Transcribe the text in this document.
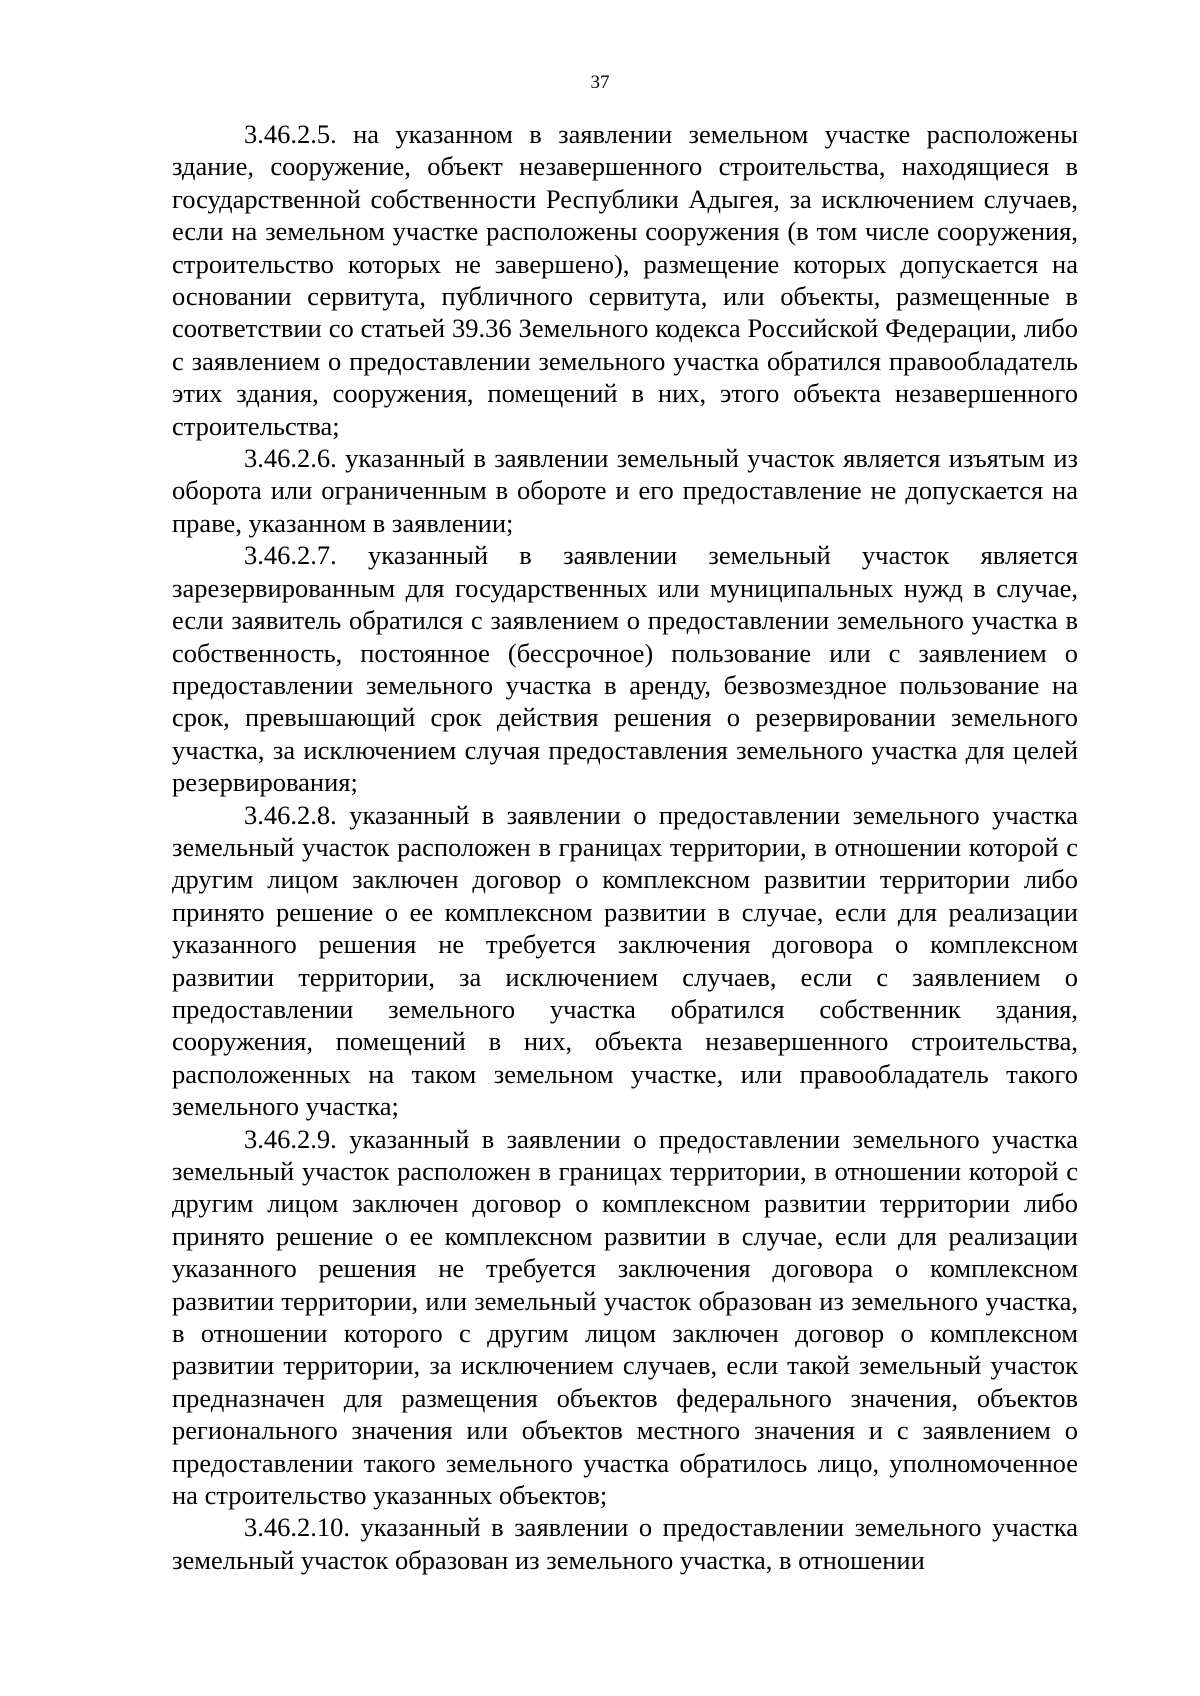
37

3.46.2.5. на указанном в заявлении земельном участке расположены здание, сооружение, объект незавершенного строительства, находящиеся в государственной собственности Республики Адыгея, за исключением случаев, если на земельном участке расположены сооружения (в том числе сооружения, строительство которых не завершено), размещение которых допускается на основании сервитута, публичного сервитута, или объекты, размещенные в соответствии со статьей 39.36 Земельного кодекса Российской Федерации, либо с заявлением о предоставлении земельного участка обратился правообладатель этих здания, сооружения, помещений в них, этого объекта незавершенного строительства;

3.46.2.6. указанный в заявлении земельный участок является изъятым из оборота или ограниченным в обороте и его предоставление не допускается на праве, указанном в заявлении;

3.46.2.7. указанный в заявлении земельный участок является зарезервированным для государственных или муниципальных нужд в случае, если заявитель обратился с заявлением о предоставлении земельного участка в собственность, постоянное (бессрочное) пользование или с заявлением о предоставлении земельного участка в аренду, безвозмездное пользование на срок, превышающий срок действия решения о резервировании земельного участка, за исключением случая предоставления земельного участка для целей резервирования;

3.46.2.8. указанный в заявлении о предоставлении земельного участка земельный участок расположен в границах территории, в отношении которой с другим лицом заключен договор о комплексном развитии территории либо принято решение о ее комплексном развитии в случае, если для реализации указанного решения не требуется заключения договора о комплексном развитии территории, за исключением случаев, если с заявлением о предоставлении земельного участка обратился собственник здания, сооружения, помещений в них, объекта незавершенного строительства, расположенных на таком земельном участке, или правообладатель такого земельного участка;

3.46.2.9. указанный в заявлении о предоставлении земельного участка земельный участок расположен в границах территории, в отношении которой с другим лицом заключен договор о комплексном развитии территории либо принято решение о ее комплексном развитии в случае, если для реализации указанного решения не требуется заключения договора о комплексном развитии территории, или земельный участок образован из земельного участка, в отношении которого с другим лицом заключен договор о комплексном развитии территории, за исключением случаев, если такой земельный участок предназначен для размещения объектов федерального значения, объектов регионального значения или объектов местного значения и с заявлением о предоставлении такого земельного участка обратилось лицо, уполномоченное на строительство указанных объектов;

3.46.2.10. указанный в заявлении о предоставлении земельного участка земельный участок образован из земельного участка, в отношении
